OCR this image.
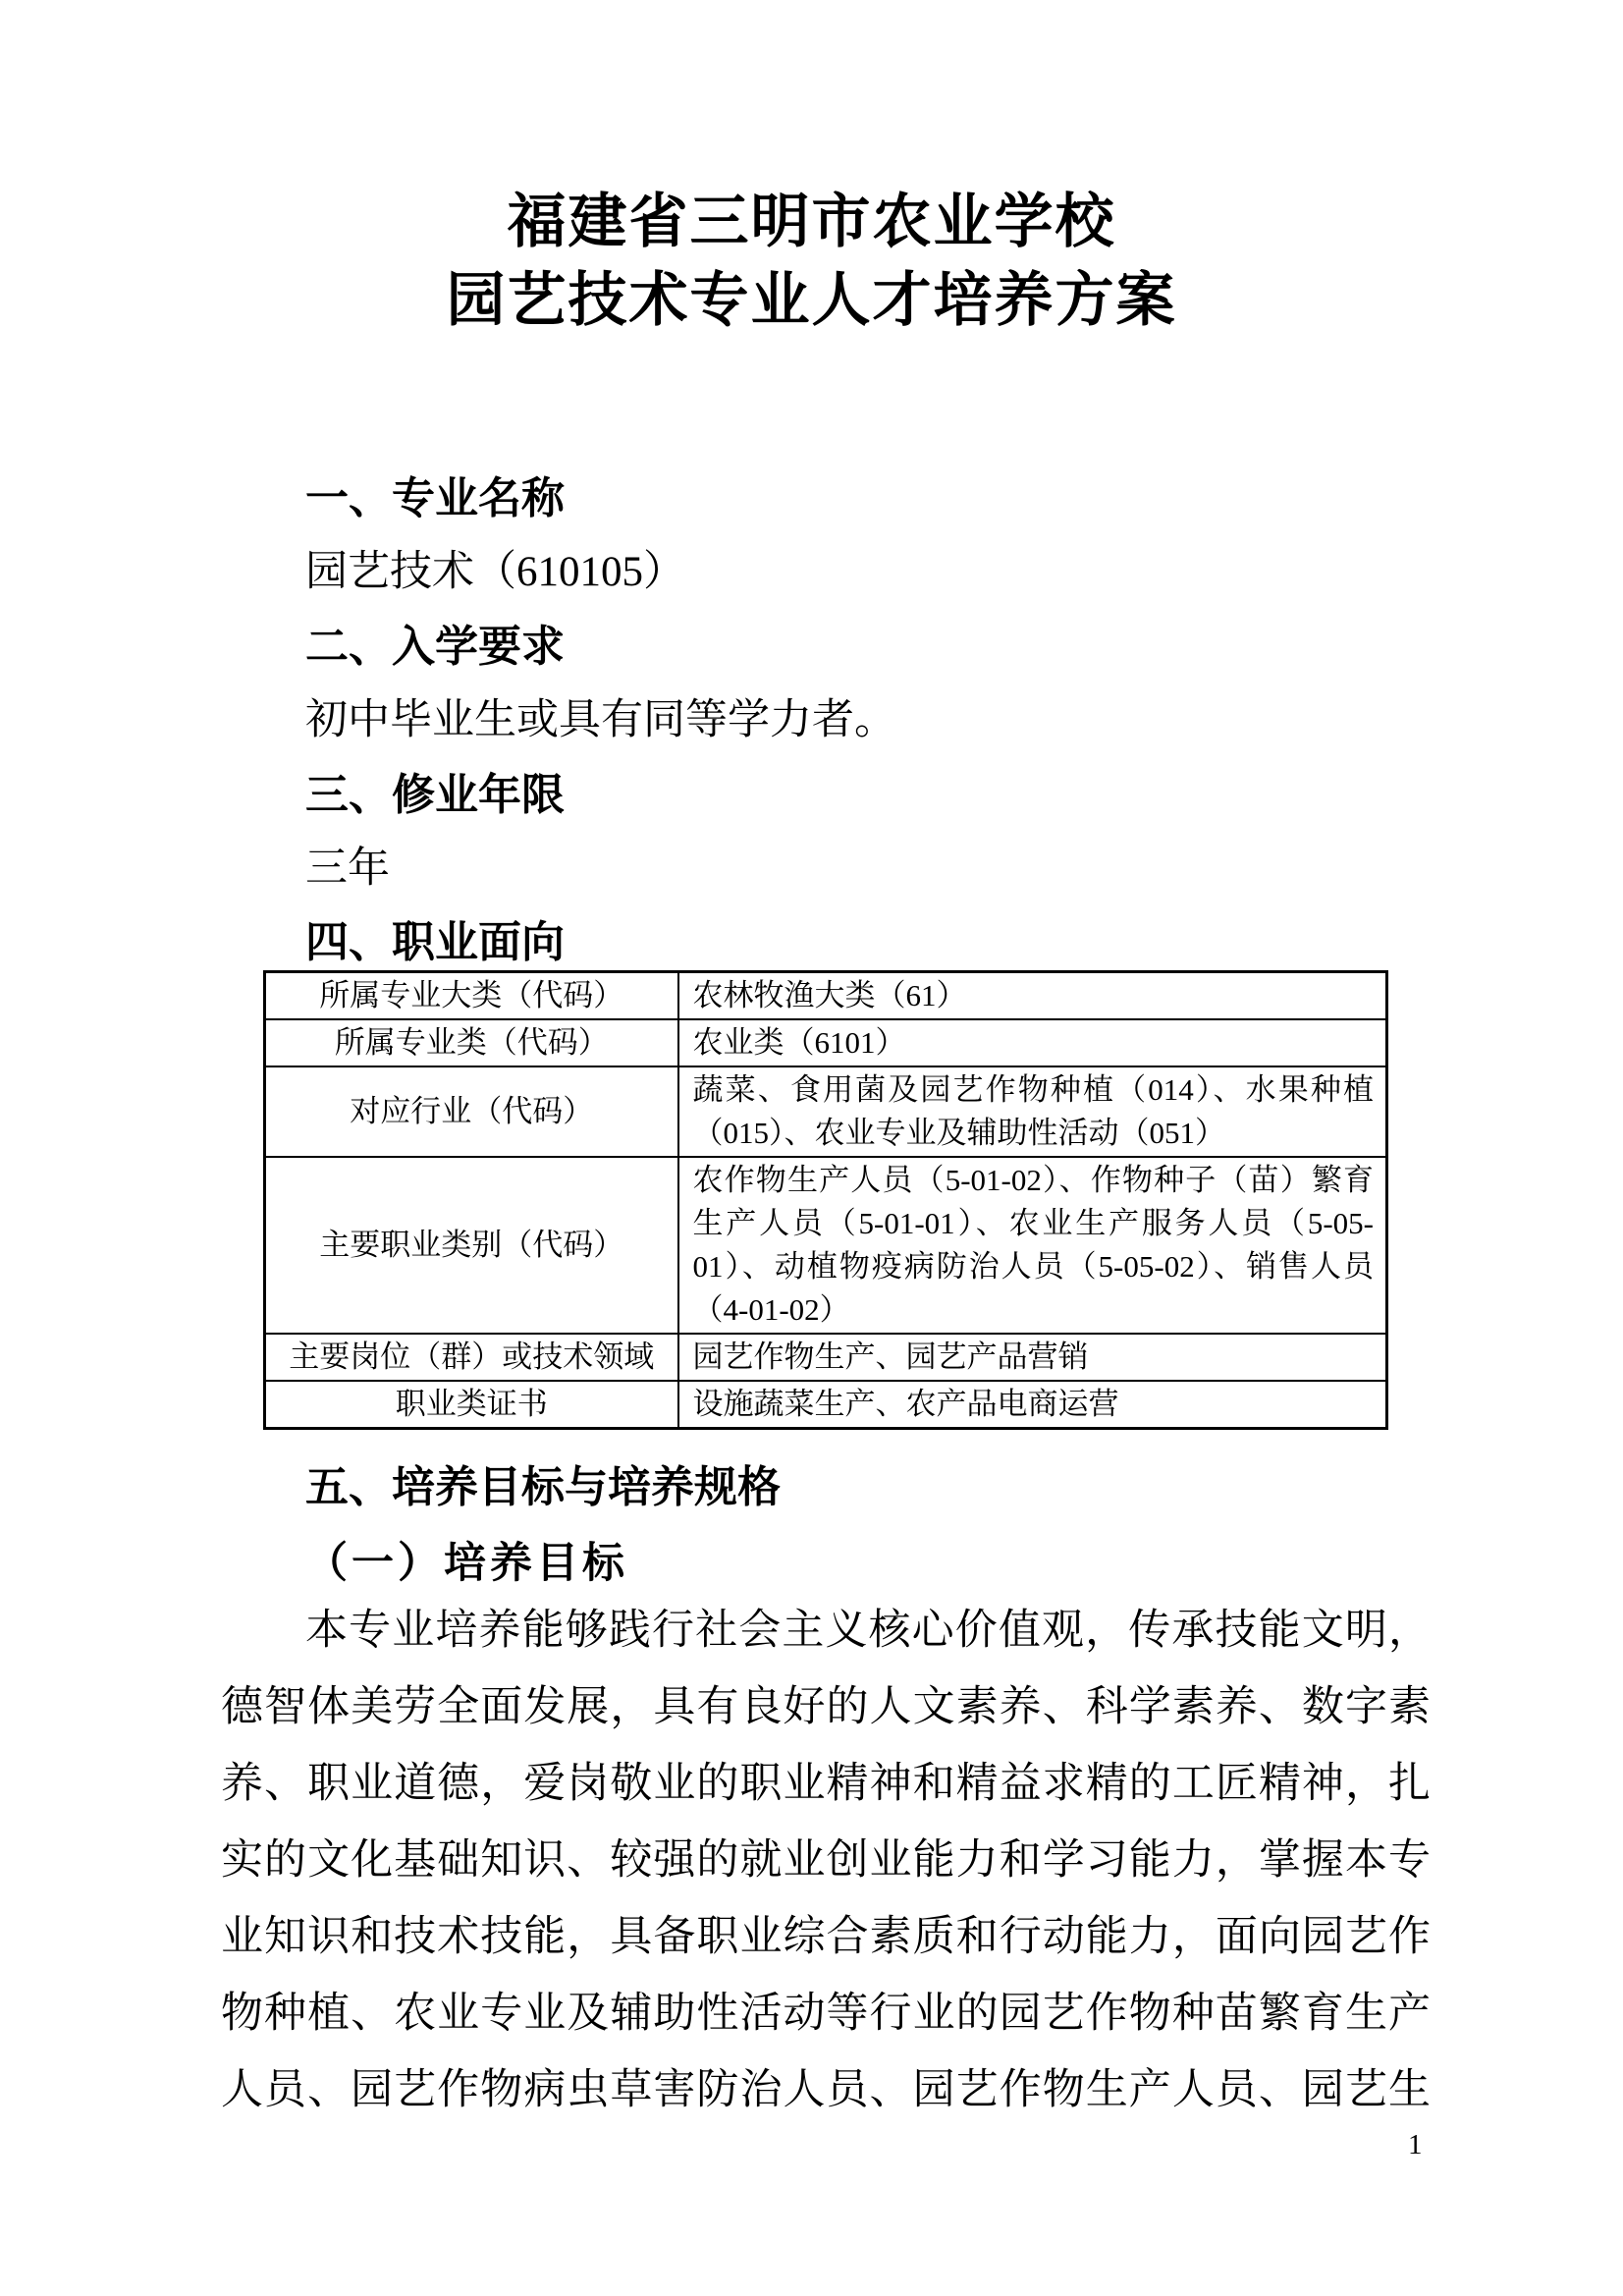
福建省三明市农业学校
园艺技术专业人才培养方案
一、专业名称
园艺技术（610105）
二、入学要求
初中毕业生或具有同等学力者。
三、修业年限
三年
四、职业面向
所属专业大类（代码）	农林牧渔大类（61）
所属专业类（代码）	农业类（6101）
对应行业（代码）	蔬菜、食用菌及园艺作物种植（014）、水果种植（015）、农业专业及辅助性活动（051）
主要职业类别（代码）	农作物生产人员（5-01-02）、作物种子（苗）繁育生产人员（5-01-01）、农业生产服务人员（5-05-01）、动植物疫病防治人员（5-05-02）、销售人员（4-01-02）
主要岗位（群）或技术领域	园艺作物生产、园艺产品营销
职业类证书	设施蔬菜生产、农产品电商运营
五、培养目标与培养规格
（一）培养目标
本专业培养能够践行社会主义核心价值观，传承技能文明，
德智体美劳全面发展，具有良好的人文素养、科学素养、数字素
养、职业道德，爱岗敬业的职业精神和精益求精的工匠精神，扎
实的文化基础知识、较强的就业创业能力和学习能力，掌握本专
业知识和技术技能，具备职业综合素质和行动能力，面向园艺作
物种植、农业专业及辅助性活动等行业的园艺作物种苗繁育生产
人员、园艺作物病虫草害防治人员、园艺作物生产人员、园艺生
1
